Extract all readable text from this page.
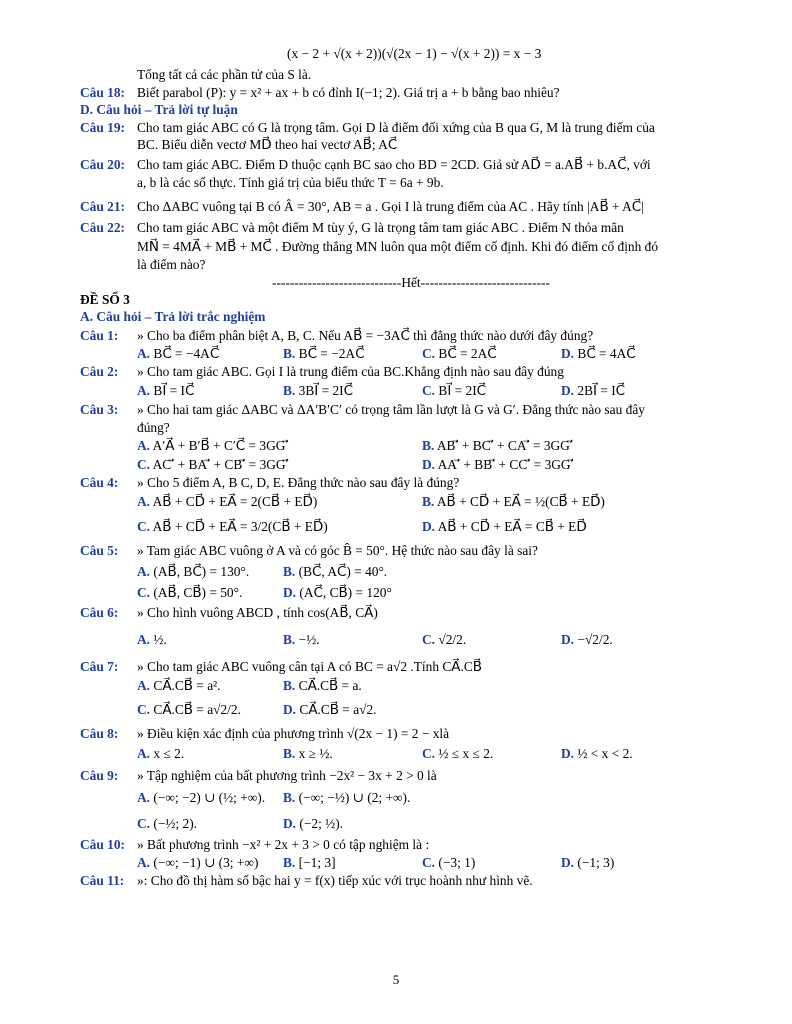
(x − 2 + √(x + 2))(√(2x − 1) − √(x + 2)) = x − 3
Tổng tất cả các phần tử của S là.
Câu 18: Biết parabol (P): y = x² + ax + b có đỉnh I(−1; 2). Giá trị a + b bằng bao nhiêu?
D. Câu hỏi – Trả lời tự luận
Câu 19: Cho tam giác ABC có G là trọng tâm. Gọi D là điểm đối xứng của B qua G, M là trung điểm của
BC. Biểu diễn vectơ MD⃗ theo hai vectơ AB⃗; AC⃗
Câu 20: Cho tam giác ABC. Điểm D thuộc cạnh BC sao cho BD = 2CD. Giả sử AD⃗ = a.AB⃗ + b.AC⃗, với
a, b là các số thực. Tính giá trị của biểu thức T = 6a + 9b.
Câu 21: Cho ΔABC vuông tại B có Â = 30°, AB = a . Gọi I là trung điểm của AC . Hãy tính |AB⃗ + AC⃗|
Câu 22: Cho tam giác ABC và một điểm M tùy ý, G là trọng tâm tam giác ABC . Điểm N thỏa mãn
MN⃗ = 4MA⃗ + MB⃗ + MC⃗ . Đường thẳng MN luôn qua một điểm cố định. Khi đó điểm cố định đó
là điểm nào?
-----------------------------Hết-----------------------------
ĐỀ SỐ 3
A. Câu hỏi – Trả lời trắc nghiệm
Câu 1: » Cho ba điểm phân biệt A, B, C. Nếu AB⃗ = −3AC⃗ thì đẳng thức nào dưới đây đúng?
A. BC⃗ = −4AC⃗	B. BC⃗ = −2AC⃗	C. BC⃗ = 2AC⃗	D. BC⃗ = 4AC⃗
Câu 2: » Cho tam giác ABC. Gọi I là trung điểm của BC.Khẳng định nào sau đây đúng
A. BI⃗ = IC⃗	B. 3BI⃗ = 2IC⃗	C. BI⃗ = 2IC⃗	D. 2BI⃗ = IC⃗
Câu 3: » Cho hai tam giác ΔABC và ΔA′B′C′ có trọng tâm lần lượt là G và G′. Đẳng thức nào sau đây
đúng?
A. A′A⃗ + B′B⃗ + C′C⃗ = 3GG′⃗	B. AB′⃗ + BC′⃗ + CA′⃗ = 3GG′⃗
C. AC′⃗ + BA′⃗ + CB′⃗ = 3GG′⃗	D. AA′⃗ + BB′⃗ + CC′⃗ = 3GG′⃗
Câu 4: » Cho 5 điểm A, B C, D, E. Đẳng thức nào sau đây là đúng?
A. AB⃗ + CD⃗ + EA⃗ = 2(CB⃗ + ED⃗)	B. AB⃗ + CD⃗ + EA⃗ = ½(CB⃗ + ED⃗)
C. AB⃗ + CD⃗ + EA⃗ = 3/2(CB⃗ + ED⃗)	D. AB⃗ + CD⃗ + EA⃗ = CB⃗ + ED⃗
Câu 5: » Tam giác ABC vuông ở A và có góc B̂ = 50°. Hệ thức nào sau đây là sai?
A. (AB⃗, BC⃗) = 130°.	B. (BC⃗, AC⃗) = 40°.
C. (AB⃗, CB⃗) = 50°.	D. (AC⃗, CB⃗) = 120°
Câu 6: » Cho hình vuông ABCD , tính cos(AB⃗, CA⃗)
A. ½.	B. −½.	C. √2/2.	D. −√2/2.
Câu 7: » Cho tam giác ABC vuông cân tại A có BC = a√2 .Tính CA⃗.CB⃗
A. CA⃗.CB⃗ = a².	B. CA⃗.CB⃗ = a.
C. CA⃗.CB⃗ = a√2/2.	D. CA⃗.CB⃗ = a√2.
Câu 8: » Điều kiện xác định của phương trình √(2x − 1) = 2 − xlà
A. x ≤ 2.	B. x ≥ ½.	C. ½ ≤ x ≤ 2.	D. ½ < x < 2.
Câu 9: » Tập nghiệm của bất phương trình −2x² − 3x + 2 > 0 là
A. (−∞; −2) ∪ (½; +∞). B. (−∞; −½) ∪ (2; +∞).
C. (−½; 2).	D. (−2; ½).
Câu 10: » Bất phương trình −x² + 2x + 3 > 0 có tập nghiệm là :
A. (−∞; −1) ∪ (3; +∞) B. [−1; 3]	C. (−3; 1)	D. (−1; 3)
Câu 11: »: Cho đồ thị hàm số bậc hai y = f(x) tiếp xúc với trục hoành như hình vẽ.
5
